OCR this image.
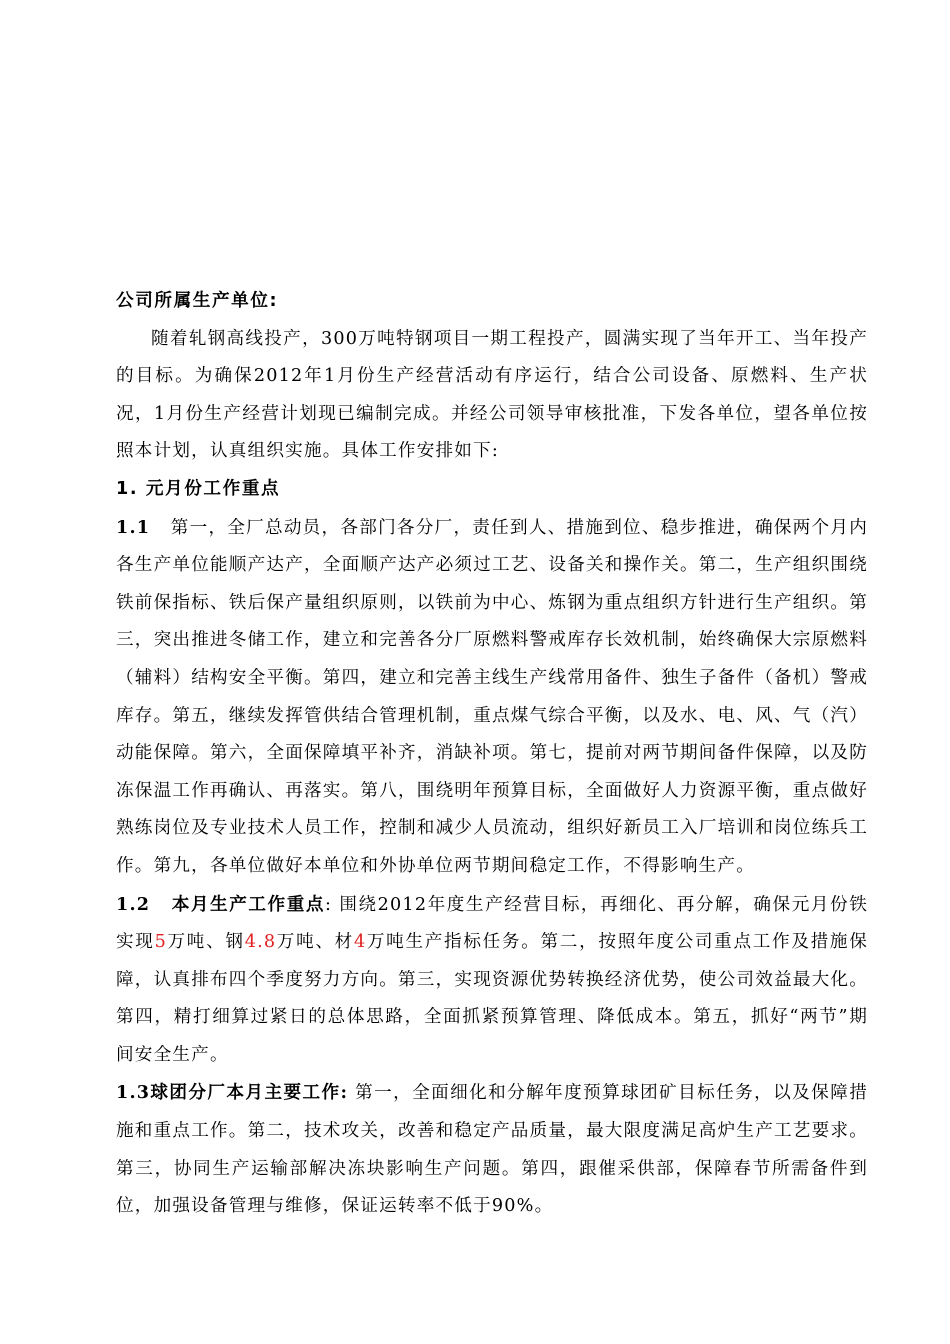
公司所属生产单位:

随着轧钢高线投产，300万吨特钢项目一期工程投产，圆满实现了当年开工、当年投产的目标。为确保2012年1月份生产经营活动有序运行，结合公司设备、原燃料、生产状况，1月份生产经营计划现已编制完成。并经公司领导审核批准，下发各单位，望各单位按照本计划，认真组织实施。具体工作安排如下:

1. 元月份工作重点

1.1 第一，全厂总动员，各部门各分厂，责任到人、措施到位、稳步推进，确保两个月内各生产单位能顺产达产，全面顺产达产必须过工艺、设备关和操作关。第二，生产组织围绕铁前保指标、铁后保产量组织原则，以铁前为中心、炼钢为重点组织方针进行生产组织。第三，突出推进冬储工作，建立和完善各分厂原燃料警戒库存长效机制，始终确保大宗原燃料（辅料）结构安全平衡。第四，建立和完善主线生产线常用备件、独生子备件（备机）警戒库存。第五，继续发挥管供结合管理机制，重点煤气综合平衡，以及水、电、风、气（汽）动能保障。第六，全面保障填平补齐，消缺补项。第七，提前对两节期间备件保障，以及防冻保温工作再确认、再落实。第八，围绕明年预算目标，全面做好人力资源平衡，重点做好熟练岗位及专业技术人员工作，控制和减少人员流动，组织好新员工入厂培训和岗位练兵工作。第九，各单位做好本单位和外协单位两节期间稳定工作，不得影响生产。

1.2 本月生产工作重点: 围绕2012年度生产经营目标，再细化、再分解，确保元月份铁实现5万吨、钢4.8万吨、材4万吨生产指标任务。第二，按照年度公司重点工作及措施保障，认真排布四个季度努力方向。第三，实现资源优势转换经济优势，使公司效益最大化。第四，精打细算过紧日的总体思路，全面抓紧预算管理、降低成本。第五，抓好“两节”期间安全生产。

1.3球团分厂本月主要工作: 第一，全面细化和分解年度预算球团矿目标任务，以及保障措施和重点工作。第二，技术攻关，改善和稳定产品质量，最大限度满足高炉生产工艺要求。第三，协同生产运输部解决冻块影响生产问题。第四，跟催采供部，保障春节所需备件到位，加强设备管理与维修，保证运转率不低于90%。
